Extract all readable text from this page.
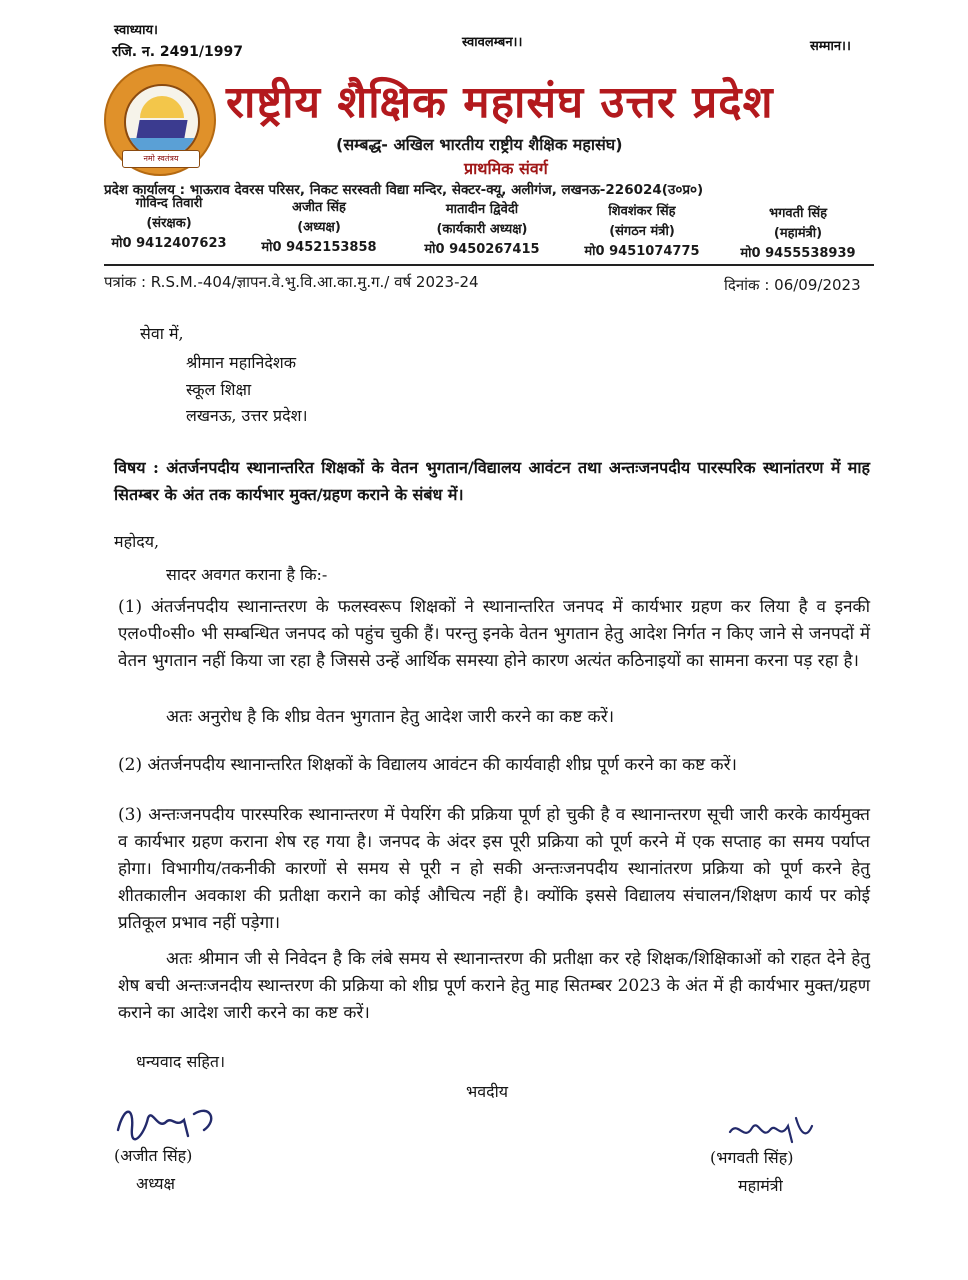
स्वाध्याय।
रजि. न. 2491/1997
स्वावलम्बन।।	सम्मान।।
नमो स्वतंत्रय
राष्ट्रीय शैक्षिक महासंघ उत्तर प्रदेश
(सम्बद्ध- अखिल भारतीय राष्ट्रीय शैक्षिक महासंघ)
प्राथमिक संवर्ग
प्रदेश कार्यालय : भाऊराव देवरस परिसर, निकट सरस्वती विद्या मन्दिर, सेक्टर-क्यू, अलीगंज, लखनऊ-226024(उ०प्र०)
गोविन्द तिवारी
(संरक्षक)
मो0 9412407623
अजीत सिंह
(अध्यक्ष)
मो0 9452153858
मातादीन द्विवेदी
(कार्यकारी अध्यक्ष)
मो0 9450267415
शिवशंकर सिंह
(संगठन मंत्री)
मो0 9451074775
भगवती सिंह
(महामंत्री)
मो0 9455538939
पत्रांक : R.S.M.-404/ज्ञापन.वे.भु.वि.आ.का.मु.ग./ वर्ष 2023-24	दिनांक : 06/09/2023
सेवा में,
श्रीमान महानिदेशक
स्कूल शिक्षा
लखनऊ, उत्तर प्रदेश।
विषय : अंतर्जनपदीय स्थानान्तरित शिक्षकों के वेतन भुगतान/विद्यालय आवंटन तथा अन्तःजनपदीय पारस्परिक स्थानांतरण में माह सितम्बर के अंत तक कार्यभार मुक्त/ग्रहण कराने के संबंध में।
महोदय,
सादर अवगत कराना है कि:-
(1) अंतर्जनपदीय स्थानान्तरण के फलस्वरूप शिक्षकों ने स्थानान्तरित जनपद में कार्यभार ग्रहण कर लिया है व इनकी एल०पी०सी० भी सम्बन्धित जनपद को पहुंच चुकी हैं। परन्तु इनके वेतन भुगतान हेतु आदेश निर्गत न किए जाने से जनपदों में वेतन भुगतान नहीं किया जा रहा है जिससे उन्हें आर्थिक समस्या होने कारण अत्यंत कठिनाइयों का सामना करना पड़ रहा है।
अतः अनुरोध है कि शीघ्र वेतन भुगतान हेतु आदेश जारी करने का कष्ट करें।
(2) अंतर्जनपदीय स्थानान्तरित शिक्षकों के विद्यालय आवंटन की कार्यवाही शीघ्र पूर्ण करने का कष्ट करें।
(3) अन्तःजनपदीय पारस्परिक स्थानान्तरण में पेयरिंग की प्रक्रिया पूर्ण हो चुकी है व स्थानान्तरण सूची जारी करके कार्यमुक्त व कार्यभार ग्रहण कराना शेष रह गया है। जनपद के अंदर इस पूरी प्रक्रिया को पूर्ण करने में एक सप्ताह का समय पर्याप्त होगा। विभागीय/तकनीकी कारणों से समय से पूरी न हो सकी अन्तःजनपदीय स्थानांतरण प्रक्रिया को पूर्ण करने हेतु शीतकालीन अवकाश की प्रतीक्षा कराने का कोई औचित्य नहीं है। क्योंकि इससे विद्यालय संचालन/शिक्षण कार्य पर कोई प्रतिकूल प्रभाव नहीं पड़ेगा।
अतः श्रीमान जी से निवेदन है कि लंबे समय से स्थानान्तरण की प्रतीक्षा कर रहे शिक्षक/शिक्षिकाओं को राहत देने हेतु शेष बची अन्तःजनदीय स्थान्तरण की प्रक्रिया को शीघ्र पूर्ण कराने हेतु माह सितम्बर 2023 के अंत में ही कार्यभार मुक्त/ग्रहण कराने का आदेश जारी करने का कष्ट करें।
धन्यवाद सहित।
भवदीय
(अजीत सिंह)
अध्यक्ष
(भगवती सिंह)
महामंत्री
